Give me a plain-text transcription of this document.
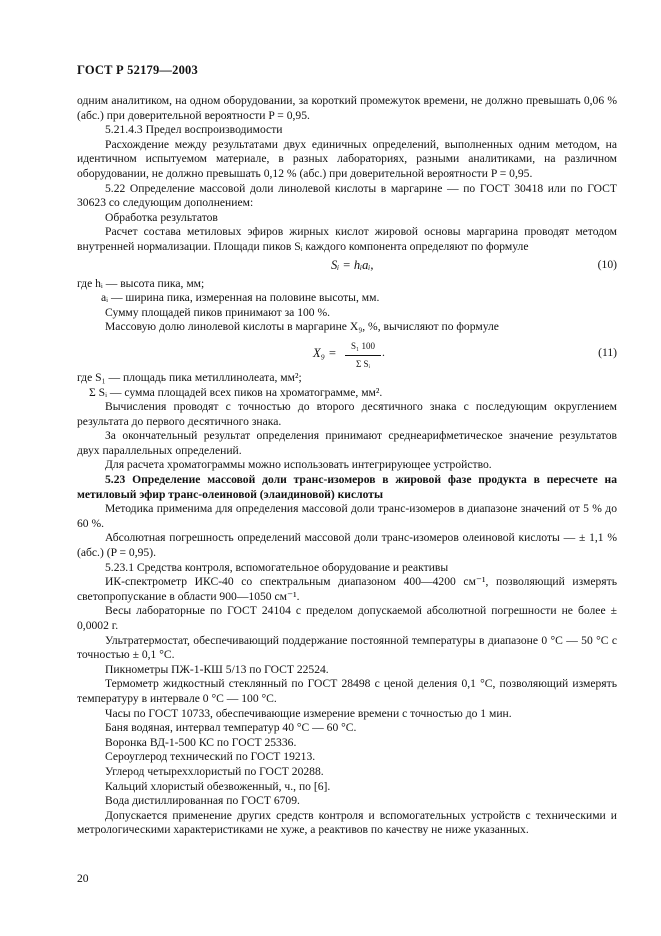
ГОСТ Р 52179—2003

одним аналитиком, на одном оборудовании, за короткий промежуток времени, не должно превышать 0,06 % (абс.) при доверительной вероятности P = 0,95.

5.21.4.3 Предел воспроизводимости

Расхождение между результатами двух единичных определений, выполненных одним методом, на идентичном испытуемом материале, в разных лабораториях, разными аналитиками, на различном оборудовании, не должно превышать 0,12 % (абс.) при доверительной вероятности P = 0,95.

5.22 Определение массовой доли линолевой кислоты в маргарине — по ГОСТ 30418 или по ГОСТ 30623 со следующим дополнением:

Обработка результатов

Расчет состава метиловых эфиров жирных кислот жировой основы маргарина проводят методом внутренней нормализации. Площади пиков Sᵢ каждого компонента определяют по формуле

Sᵢ = hᵢaᵢ,	(10)

где hᵢ — высота пика, мм;

aᵢ — ширина пика, измеренная на половине высоты, мм.

Сумму площадей пиков принимают за 100 %.

Массовую долю линолевой кислоты в маргарине X₉, %, вычисляют по формуле

$X_9 = \frac{\text{S₁ 100}}{\text{Σ Sᵢ}}$ .	(11)

где S₁ — площадь пика метиллинолеата, мм²;

Σ Sᵢ — сумма площадей всех пиков на хроматограмме, мм².

Вычисления проводят с точностью до второго десятичного знака с последующим округлением результата до первого десятичного знака.

За окончательный результат определения принимают среднеарифметическое значение результатов двух параллельных определений.

Для расчета хроматограммы можно использовать интегрирующее устройство.

5.23 Определение массовой доли транс-изомеров в жировой фазе продукта в пересчете на метиловый эфир транс-олеиновой (элаидиновой) кислоты

Методика применима для определения массовой доли транс-изомеров в диапазоне значений от 5 % до 60 %.

Абсолютная погрешность определений массовой доли транс-изомеров олеиновой кислоты — ± 1,1 % (абс.) (P = 0,95).

5.23.1 Средства контроля, вспомогательное оборудование и реактивы

ИК-спектрометр ИКС-40 со спектральным диапазоном 400—4200 см⁻¹, позволяющий измерять светопропускание в области 900—1050 см⁻¹.

Весы лабораторные по ГОСТ 24104 с пределом допускаемой абсолютной погрешности не более ± 0,0002 г.

Ультратермостат, обеспечивающий поддержание постоянной температуры в диапазоне 0 °С — 50 °С с точностью ± 0,1 °С.

Пикнометры ПЖ-1-КШ 5/13 по ГОСТ 22524.

Термометр жидкостный стеклянный по ГОСТ 28498 с ценой деления 0,1 °С, позволяющий измерять температуру в интервале 0 °С — 100 °С.

Часы по ГОСТ 10733, обеспечивающие измерение времени с точностью до 1 мин.

Баня водяная, интервал температур 40 °С — 60 °С.

Воронка ВД-1-500 КС по ГОСТ 25336.

Сероуглерод технический по ГОСТ 19213.

Углерод четыреххлористый по ГОСТ 20288.

Кальций хлористый обезвоженный, ч., по [6].

Вода дистиллированная по ГОСТ 6709.

Допускается применение других средств контроля и вспомогательных устройств с техническими и метрологическими характеристиками не хуже, а реактивов по качеству не ниже указанных.

20
